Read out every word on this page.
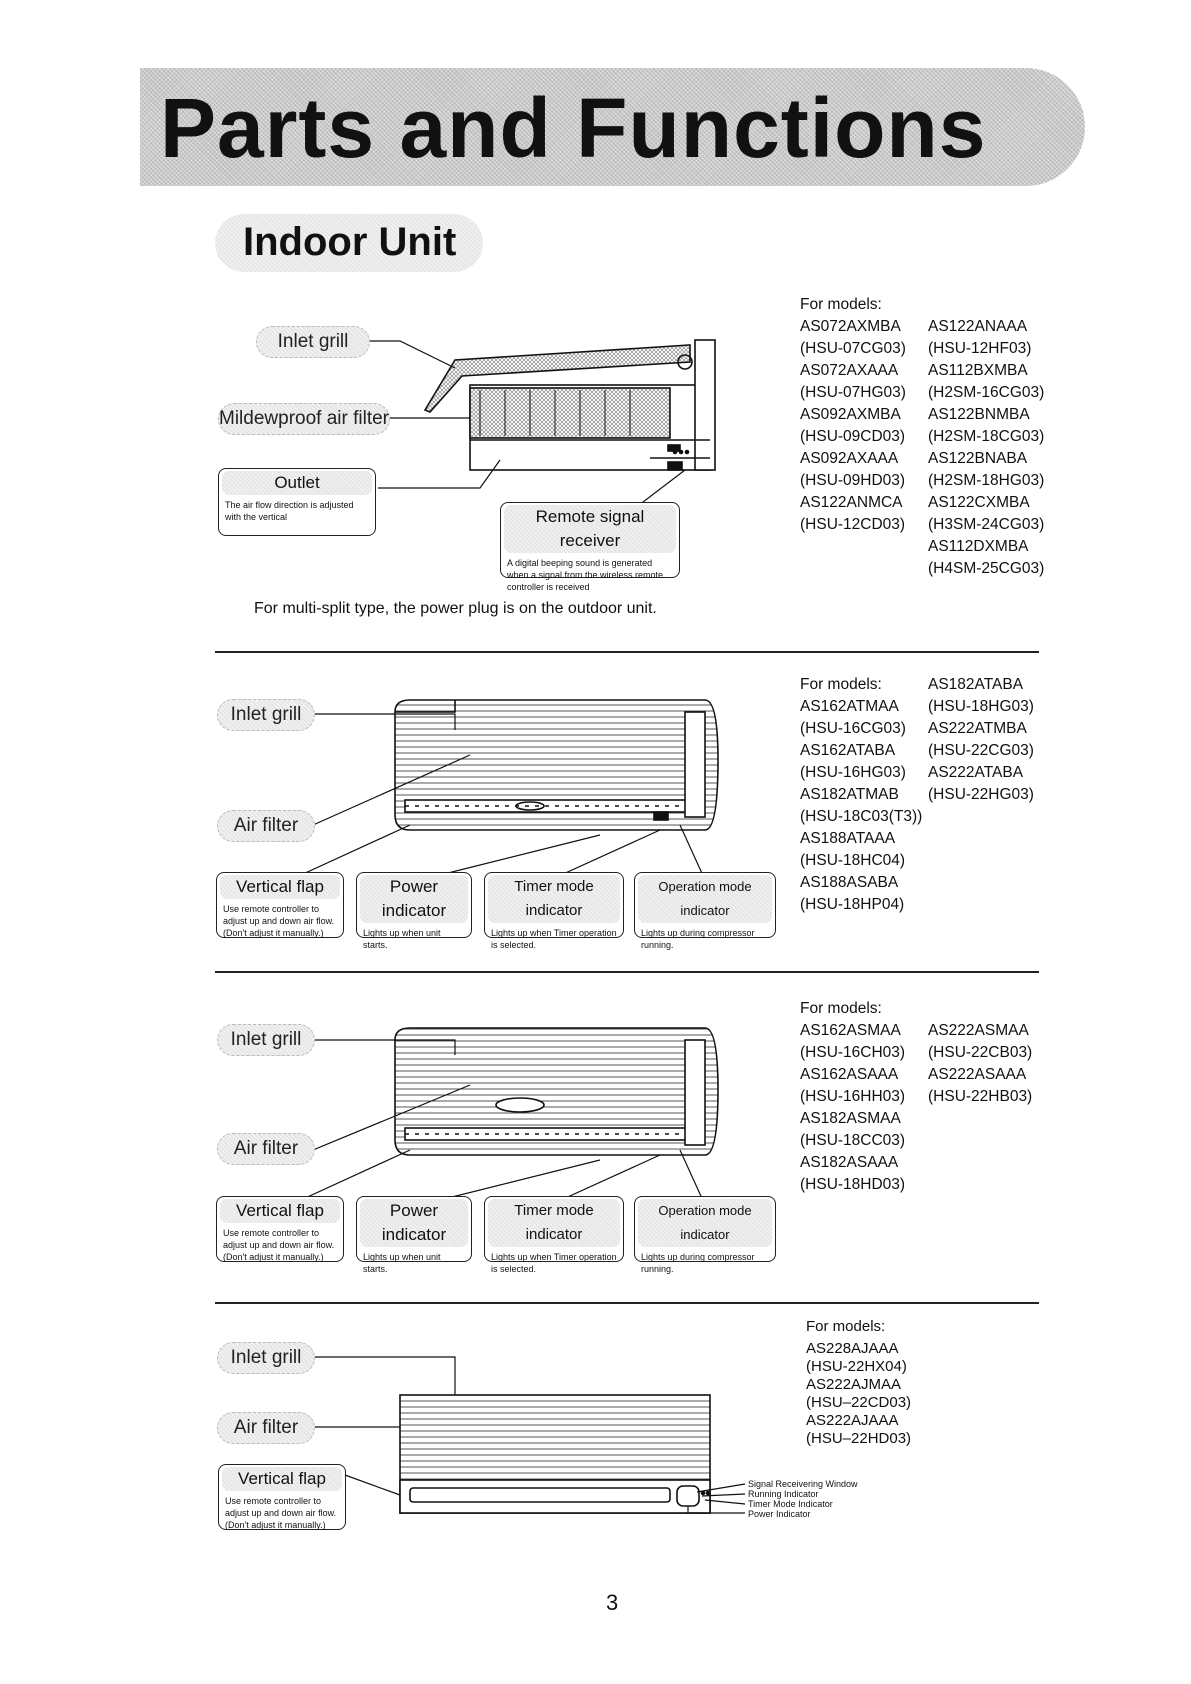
Parts and Functions
Indoor Unit
Inlet grill
Mildewproof air filter
Outlet
The air flow direction is adjusted with the vertical	Remote signal receiver
A digital beeping sound is generated when a signal from the wireless remote controller is received
For multi-split type, the power plug is on the outdoor unit.
For models:
AS072AXMBA
(HSU-07CG03)
AS072AXAAA
(HSU-07HG03)
AS092AXMBA
(HSU-09CD03)
AS092AXAAA
(HSU-09HD03)
AS122ANMCA
(HSU-12CD03)
AS122ANAAA
(HSU-12HF03)
AS112BXMBA
(H2SM-16CG03)
AS122BNMBA
(H2SM-18CG03)
AS122BNABA
(H2SM-18HG03)
AS122CXMBA
(H3SM-24CG03)
AS112DXMBA
(H4SM-25CG03)
Inlet grill
Air filter
Vertical flap
Use remote controller to adjust up and down air flow. (Don't adjust it manually.)
Power indicator
Lights up when unit starts.
Timer mode indicator
Lights up when Timer operation is selected.
Operation mode indicator
Lights up during compressor running.
For models:
AS162ATMAA
(HSU-16CG03)
AS162ATABA
(HSU-16HG03)
AS182ATMAB
(HSU-18C03(T3))
AS188ATAAA
(HSU-18HC04)
AS188ASABA
(HSU-18HP04)
AS182ATABA
(HSU-18HG03)
AS222ATMBA
(HSU-22CG03)
AS222ATABA
(HSU-22HG03)
Inlet grill
Air filter
Vertical flap
Use remote controller to adjust up and down air flow. (Don't adjust it manually.)
Power indicator
Lights up when unit starts.
Timer mode indicator
Lights up when Timer operation is selected.
Operation mode indicator
Lights up during compressor running.
For models:
AS162ASMAA
(HSU-16CH03)
AS162ASAAA
(HSU-16HH03)
AS182ASMAA
(HSU-18CC03)
AS182ASAAA
(HSU-18HD03)
AS222ASMAA
(HSU-22CB03)
AS222ASAAA
(HSU-22HB03)
Inlet grill
Air filter
Vertical flap
Use remote controller to adjust up and down air flow. (Don't adjust it manually.)
Signal Receivering Window
Running Indicator
Timer Mode Indicator
Power Indicator
For models:
AS228AJAAA
(HSU-22HX04)
AS222AJMAA
(HSU–22CD03)
AS222AJAAA
(HSU–22HD03)
3
